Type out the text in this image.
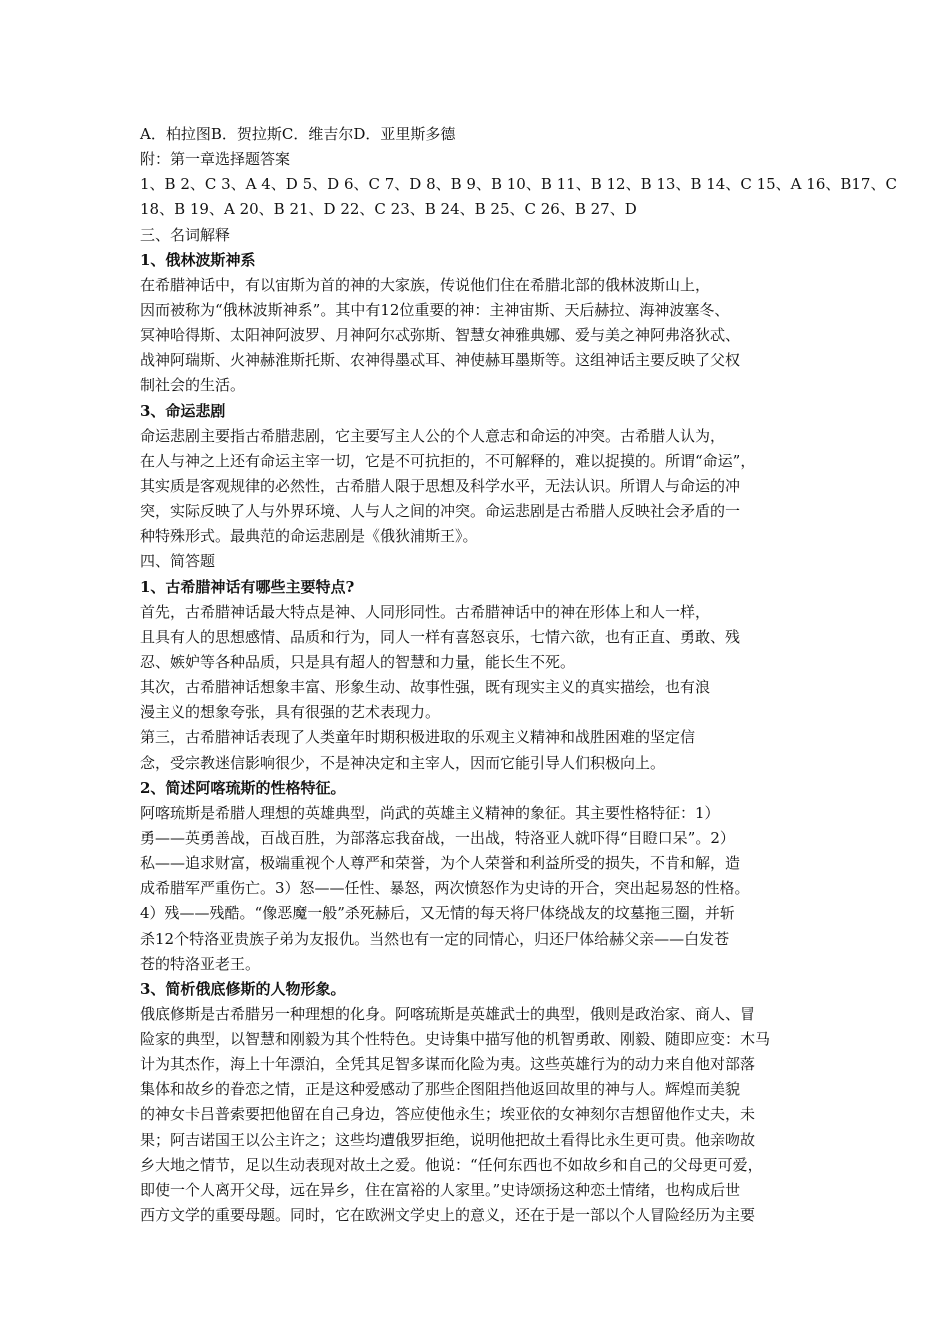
A．柏拉图B．贺拉斯C．维吉尔D．亚里斯多德
附：第一章选择题答案
1、B 2、C 3、A 4、D 5、D 6、C 7、D 8、B 9、B 10、B 11、B 12、B 13、B 14、C 15、A 16、B17、C
18、B 19、A 20、B 21、D 22、C 23、B 24、B 25、C 26、B 27、D
三、名词解释
1、俄林波斯神系
在希腊神话中，有以宙斯为首的神的大家族，传说他们住在希腊北部的俄林波斯山上，
因而被称为“俄林波斯神系”。其中有12位重要的神：主神宙斯、天后赫拉、海神波塞冬、
冥神哈得斯、太阳神阿波罗、月神阿尔忒弥斯、智慧女神雅典娜、爱与美之神阿弗洛狄忒、
战神阿瑞斯、火神赫淮斯托斯、农神得墨忒耳、神使赫耳墨斯等。这组神话主要反映了父权
制社会的生活。
3、命运悲剧
命运悲剧主要指古希腊悲剧，它主要写主人公的个人意志和命运的冲突。古希腊人认为，
在人与神之上还有命运主宰一切，它是不可抗拒的，不可解释的，难以捉摸的。所谓“命运”，
其实质是客观规律的必然性，古希腊人限于思想及科学水平，无法认识。所谓人与命运的冲
突，实际反映了人与外界环境、人与人之间的冲突。命运悲剧是古希腊人反映社会矛盾的一
种特殊形式。最典范的命运悲剧是《俄狄浦斯王》。
四、简答题
1、古希腊神话有哪些主要特点?
首先，古希腊神话最大特点是神、人同形同性。古希腊神话中的神在形体上和人一样，
且具有人的思想感情、品质和行为，同人一样有喜怒哀乐，七情六欲，也有正直、勇敢、残
忍、嫉妒等各种品质，只是具有超人的智慧和力量，能长生不死。
其次，古希腊神话想象丰富、形象生动、故事性强，既有现实主义的真实描绘，也有浪
漫主义的想象夸张，具有很强的艺术表现力。
第三，古希腊神话表现了人类童年时期积极进取的乐观主义精神和战胜困难的坚定信
念，受宗教迷信影响很少，不是神决定和主宰人，因而它能引导人们积极向上。
2、简述阿喀琉斯的性格特征。
阿喀琉斯是希腊人理想的英雄典型，尚武的英雄主义精神的象征。其主要性格特征：1）
勇——英勇善战，百战百胜，为部落忘我奋战，一出战，特洛亚人就吓得“目瞪口呆”。2）
私——追求财富，极端重视个人尊严和荣誉，为个人荣誉和利益所受的损失，不肯和解，造
成希腊军严重伤亡。3）怒——任性、暴怒，两次愤怒作为史诗的开合，突出起易怒的性格。
4）残——残酷。“像恶魔一般”杀死赫后，又无情的每天将尸体绕战友的坟墓拖三圈，并斩
杀12个特洛亚贵族子弟为友报仇。当然也有一定的同情心，归还尸体给赫父亲——白发苍
苍的特洛亚老王。
3、简析俄底修斯的人物形象。
俄底修斯是古希腊另一种理想的化身。阿喀琉斯是英雄武士的典型，俄则是政治家、商人、冒
险家的典型，以智慧和刚毅为其个性特色。史诗集中描写他的机智勇敢、刚毅、随即应变：木马
计为其杰作，海上十年漂泊，全凭其足智多谋而化险为夷。这些英雄行为的动力来自他对部落
集体和故乡的眷恋之情，正是这种爱感动了那些企图阻挡他返回故里的神与人。辉煌而美貌
的神女卡吕普索要把他留在自己身边，答应使他永生；埃亚依的女神刻尔吉想留他作丈夫，未
果；阿吉诺国王以公主许之；这些均遭俄罗拒绝，说明他把故土看得比永生更可贵。他亲吻故
乡大地之情节，足以生动表现对故土之爱。他说：“任何东西也不如故乡和自己的父母更可爱，
即使一个人离开父母，远在异乡，住在富裕的人家里。”史诗颂扬这种恋土情绪，也构成后世
西方文学的重要母题。同时，它在欧洲文学史上的意义，还在于是一部以个人冒险经历为主要
